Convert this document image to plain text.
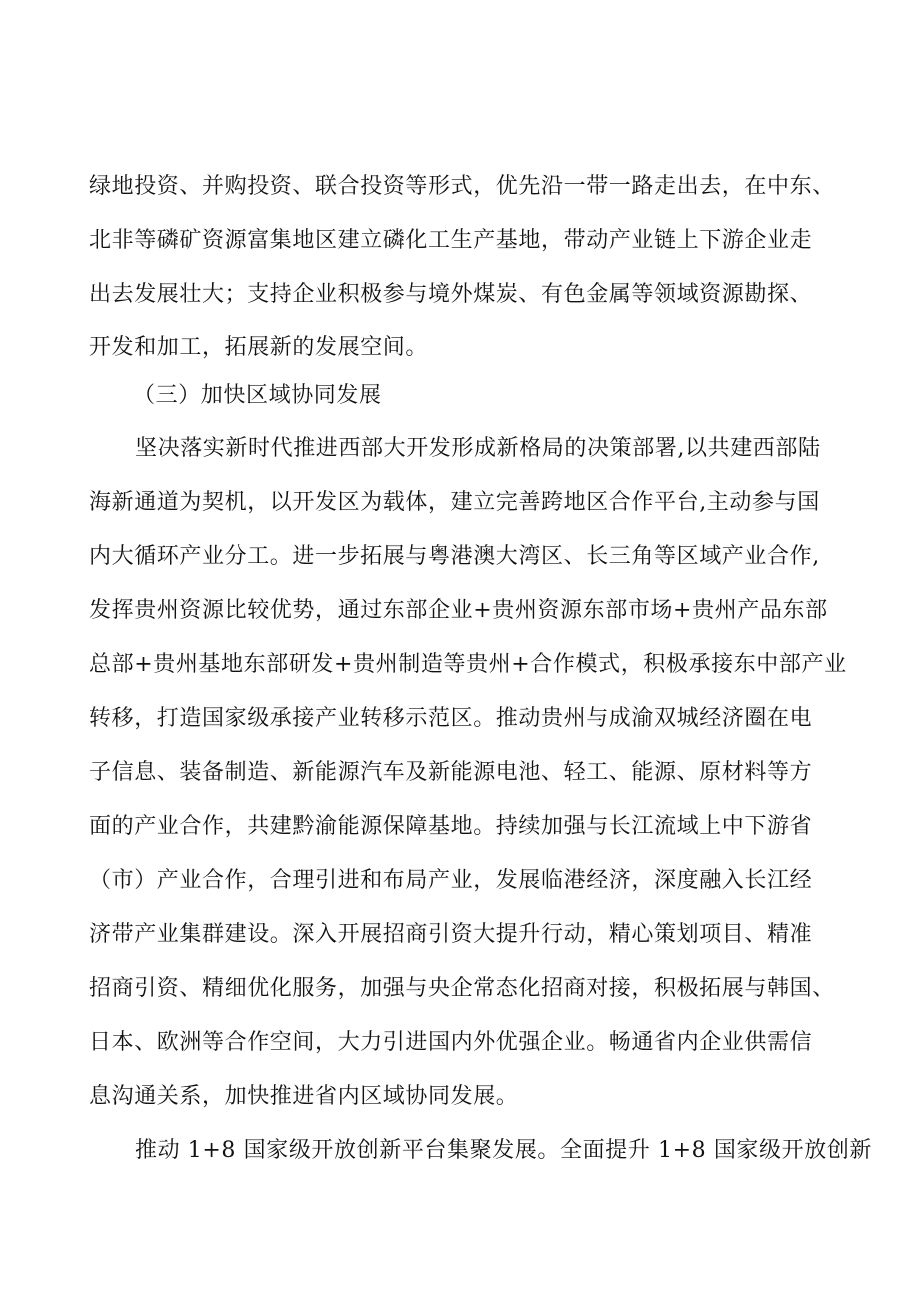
绿地投资、并购投资、联合投资等形式，优先沿一带一路走出去，在中东、
北非等磷矿资源富集地区建立磷化工生产基地，带动产业链上下游企业走
出去发展壮大；支持企业积极参与境外煤炭、有色金属等领域资源勘探、
开发和加工，拓展新的发展空间。
（三）加快区域协同发展
坚决落实新时代推进西部大开发形成新格局的决策部署,以共建西部陆
海新通道为契机，以开发区为载体，建立完善跨地区合作平台,主动参与国
内大循环产业分工。进一步拓展与粤港澳大湾区、长三角等区域产业合作,
发挥贵州资源比较优势，通过东部企业+贵州资源东部市场+贵州产品东部
总部+贵州基地东部研发+贵州制造等贵州+合作模式，积极承接东中部产业
转移，打造国家级承接产业转移示范区。推动贵州与成渝双城经济圈在电
子信息、装备制造、新能源汽车及新能源电池、轻工、能源、原材料等方
面的产业合作，共建黔渝能源保障基地。持续加强与长江流域上中下游省
（市）产业合作，合理引进和布局产业，发展临港经济，深度融入长江经
济带产业集群建设。深入开展招商引资大提升行动，精心策划项目、精准
招商引资、精细优化服务，加强与央企常态化招商对接，积极拓展与韩国、
日本、欧洲等合作空间，大力引进国内外优强企业。畅通省内企业供需信
息沟通关系，加快推进省内区域协同发展。
推动 1+8 国家级开放创新平台集聚发展。全面提升 1+8 国家级开放创新
